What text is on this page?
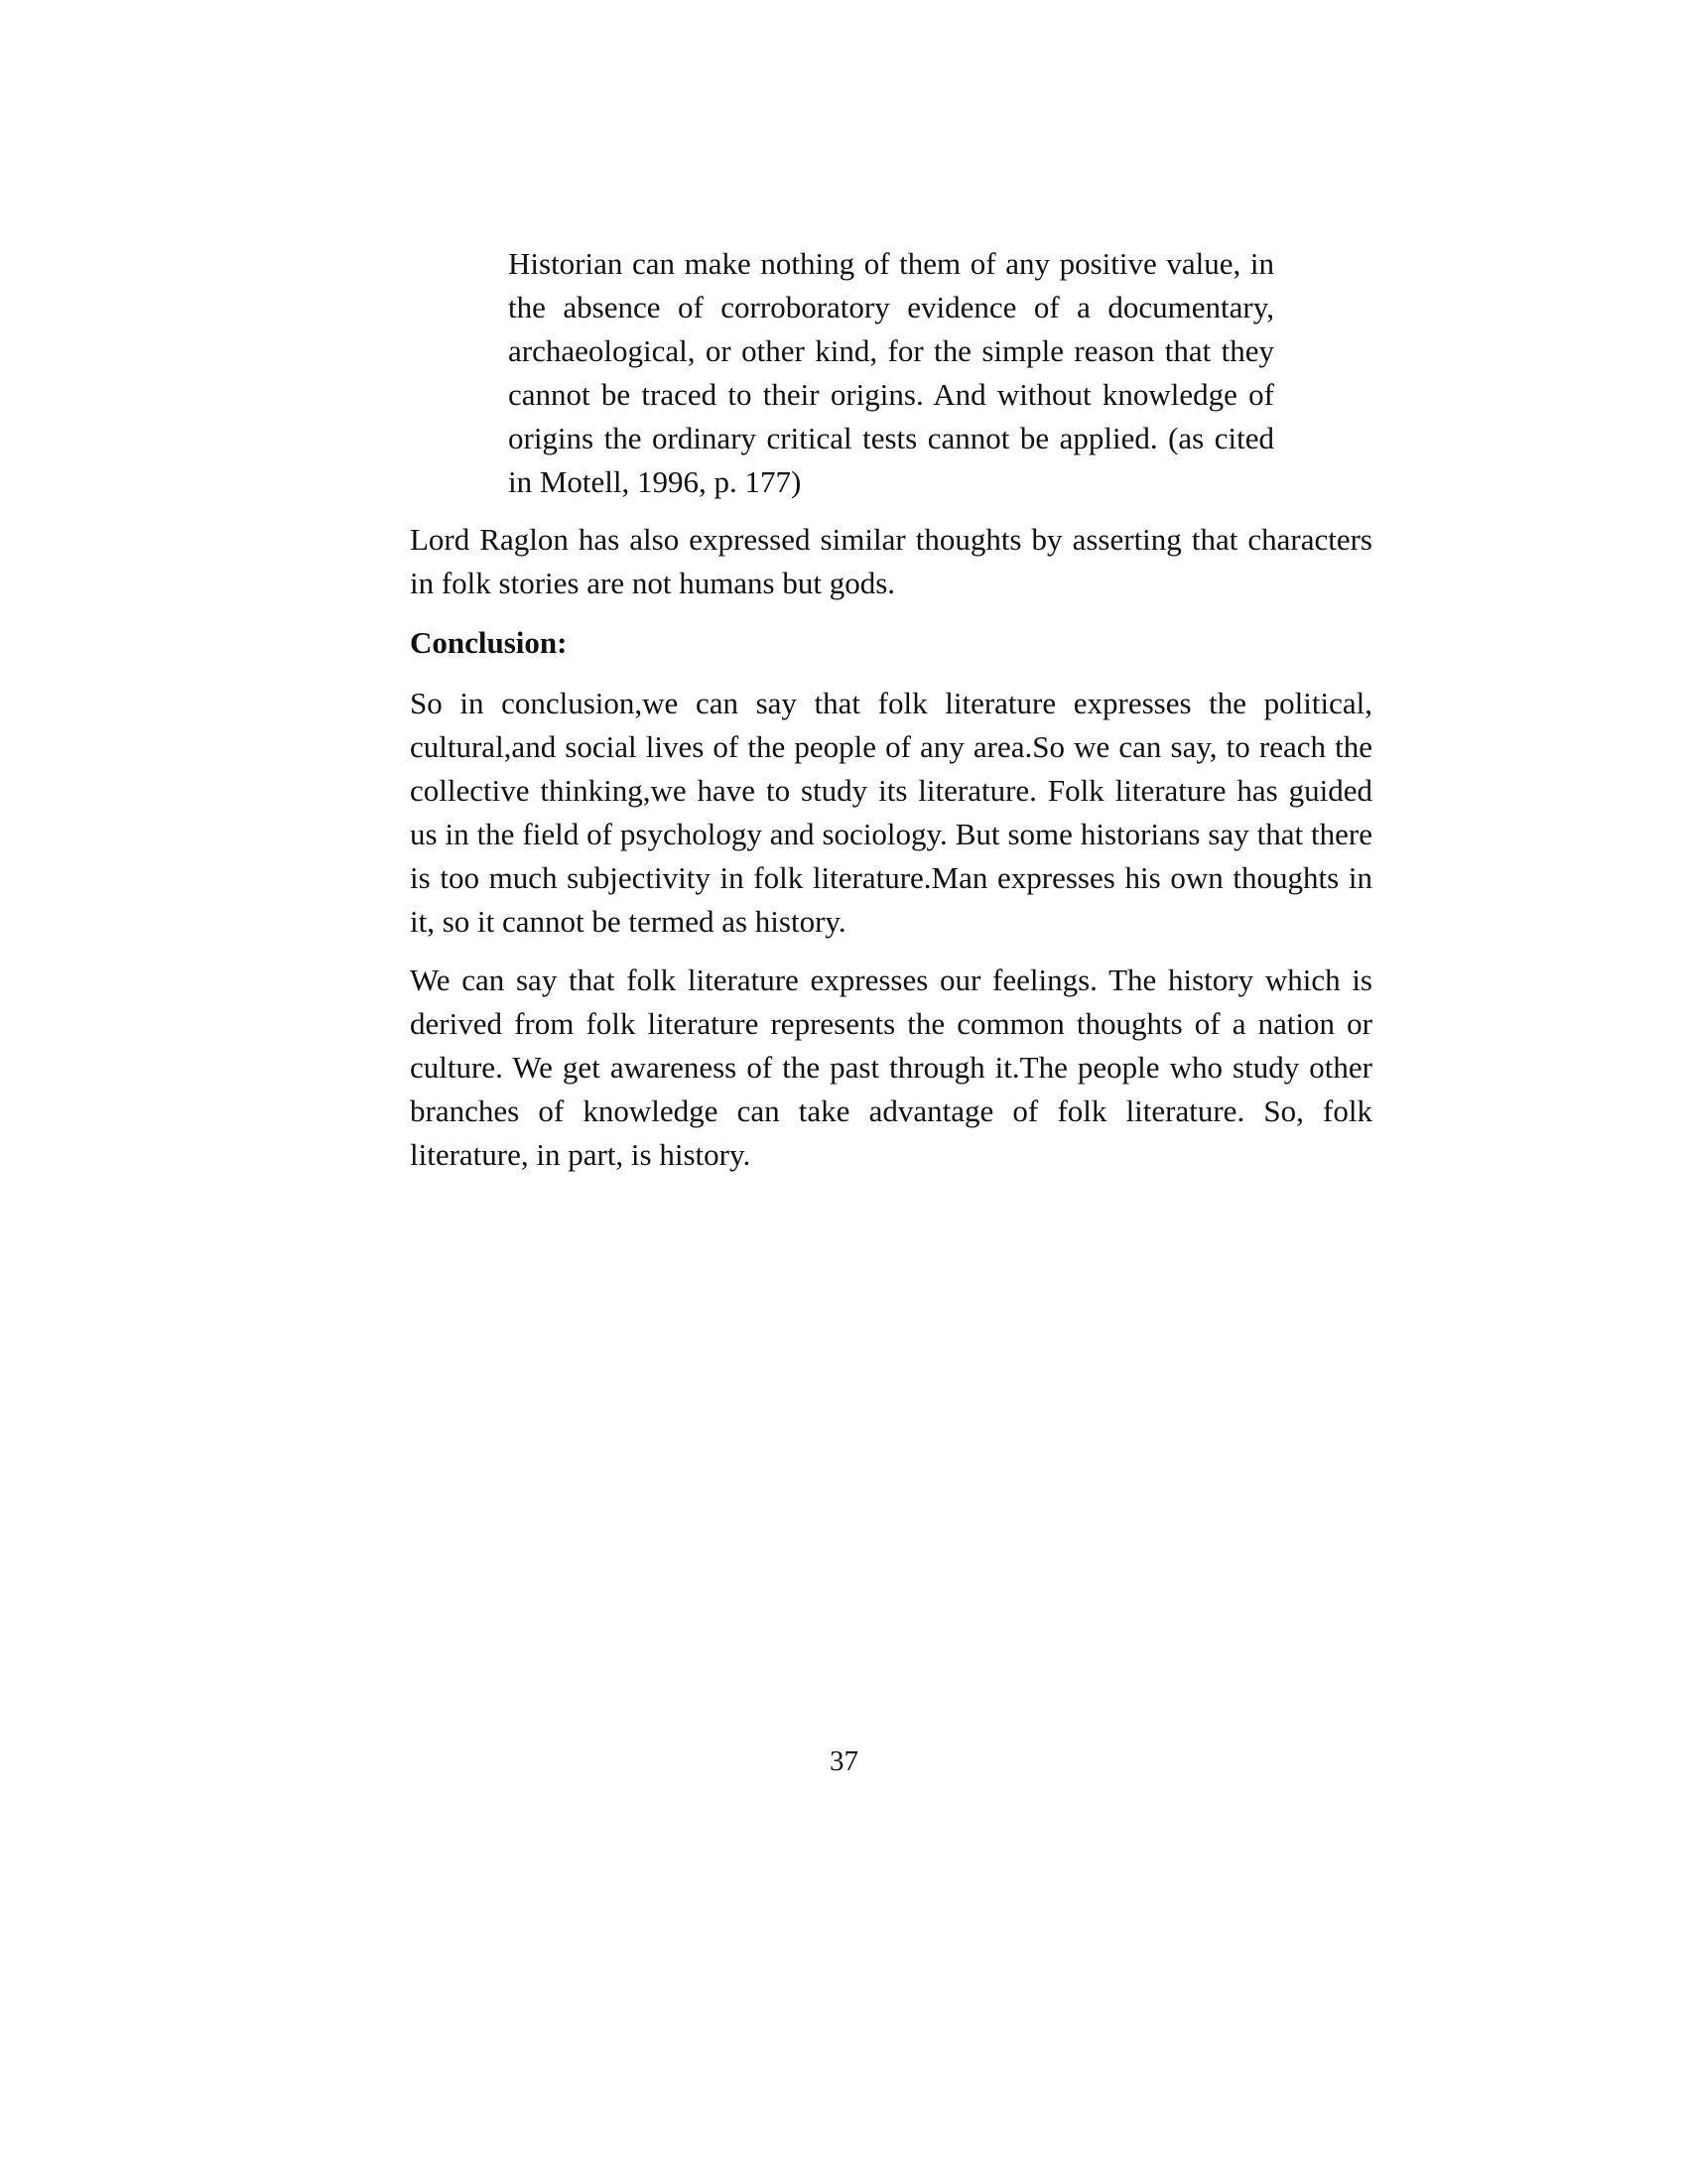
Historian can make nothing of them of any positive value, in the absence of corroboratory evidence of a documentary, archaeological, or other kind, for the simple reason that they cannot be traced to their origins. And without knowledge of origins the ordinary critical tests cannot be applied. (as cited in Motell, 1996, p. 177)

Lord Raglon has also expressed similar thoughts by asserting that characters in folk stories are not humans but gods.

Conclusion:

So in conclusion,we can say that folk literature expresses the political, cultural,and social lives of the people of any area.So we can say, to reach the collective thinking,we have to study its literature. Folk literature has guided us in the field of psychology and sociology. But some historians say that there is too much subjectivity in folk literature.Man expresses his own thoughts in it, so it cannot be termed as history.

We can say that folk literature expresses our feelings. The history which is derived from folk literature represents the common thoughts of a nation or culture. We get awareness of the past through it.The people who study other branches of knowledge can take advantage of folk literature. So, folk literature, in part, is history.

37
